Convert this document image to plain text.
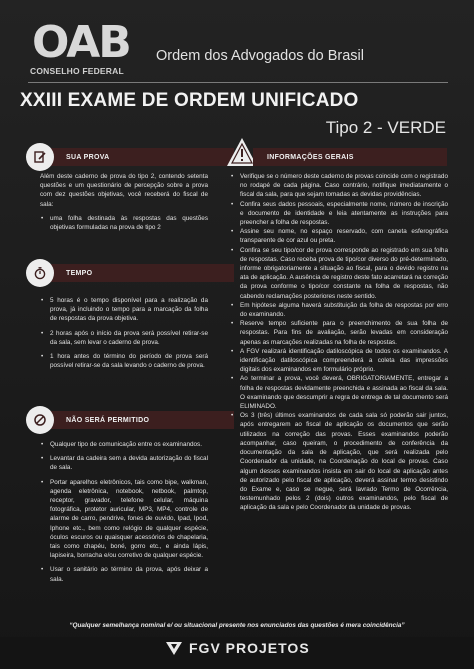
OAB
CONSELHO FEDERAL
Ordem dos Advogados do Brasil
XXIII EXAME DE ORDEM UNIFICADO
Tipo 2 - VERDE
SUA PROVA

Além deste caderno de prova do tipo 2, contendo setenta questões e um questionário de percepção sobre a prova com dez questões objetivas, você receberá do fiscal de sala:

• uma folha destinada às respostas das questões objetivas formuladas na prova de tipo 2

TEMPO

• 5 horas é o tempo disponível para a realização da prova, já incluindo o tempo para a marcação da folha de respostas da prova objetiva.

• 2 horas após o início da prova será possível retirar-se da sala, sem levar o caderno de prova.

• 1 hora antes do término do período de prova será possível retirar-se da sala levando o caderno de prova.

NÃO SERÁ PERMITIDO

• Qualquer tipo de comunicação entre os examinandos.

• Levantar da cadeira sem a devida autorização do fiscal de sala.

• Portar aparelhos eletrônicos, tais como bipe, walkman, agenda eletrônica, notebook, netbook, palmtop, receptor, gravador, telefone celular, máquina fotográfica, protetor auricular, MP3, MP4, controle de alarme de carro, pendrive, fones de ouvido, Ipad, Ipod, Iphone etc., bem como relógio de qualquer espécie, óculos escuros ou quaisquer acessórios de chapelaria, tais como chapéu, boné, gorro etc., e ainda lápis, lapiseira, borracha e/ou corretivo de qualquer espécie.

• Usar o sanitário ao término da prova, após deixar a sala.

INFORMAÇÕES GERAIS

• Verifique se o número deste caderno de provas coincide com o registrado no rodapé de cada página. Caso contrário, notifique imediatamente o fiscal da sala, para que sejam tomadas as devidas providências.

• Confira seus dados pessoais, especialmente nome, número de inscrição e documento de identidade e leia atentamente as instruções para preencher a folha de respostas.

• Assine seu nome, no espaço reservado, com caneta esferográfica transparente de cor azul ou preta.

• Confira se seu tipo/cor de prova corresponde ao registrado em sua folha de respostas. Caso receba prova de tipo/cor diverso do pré-determinado, informe obrigatoriamente a situação ao fiscal, para o devido registro na ata de aplicação. A ausência de registro deste fato acarretará na correção da prova conforme o tipo/cor constante na folha de respostas, não cabendo reclamações posteriores neste sentido.

• Em hipótese alguma haverá substituição da folha de respostas por erro do examinando.

• Reserve tempo suficiente para o preenchimento de sua folha de respostas. Para fins de avaliação, serão levadas em consideração apenas as marcações realizadas na folha de respostas.

• A FGV realizará identificação datiloscópica de todos os examinandos. A identificação datiloscópica compreenderá a coleta das impressões digitais dos examinandos em formulário próprio.

• Ao terminar a prova, você deverá, OBRIGATORIAMENTE, entregar a folha de respostas devidamente preenchida e assinada ao fiscal da sala. O examinando que descumprir a regra de entrega de tal documento será ELIMINADO.

• Os 3 (três) últimos examinandos de cada sala só poderão sair juntos, após entregarem ao fiscal de aplicação os documentos que serão utilizados na correção das provas. Esses examinandos poderão acompanhar, caso queiram, o procedimento de conferência da documentação da sala de aplicação, que será realizada pelo Coordenador da unidade, na Coordenação do local de provas. Caso algum desses examinandos insista em sair do local de aplicação antes de autorizado pelo fiscal de aplicação, deverá assinar termo desistindo do Exame e, caso se negue, será lavrado Termo de Ocorrência, testemunhado pelos 2 (dois) outros examinandos, pelo fiscal de aplicação da sala e pelo Coordenador da unidade de provas.

“Qualquer semelhança nominal e/ ou situacional presente nos enunciados das questões é mera coincidência”
FGV PROJETOS
